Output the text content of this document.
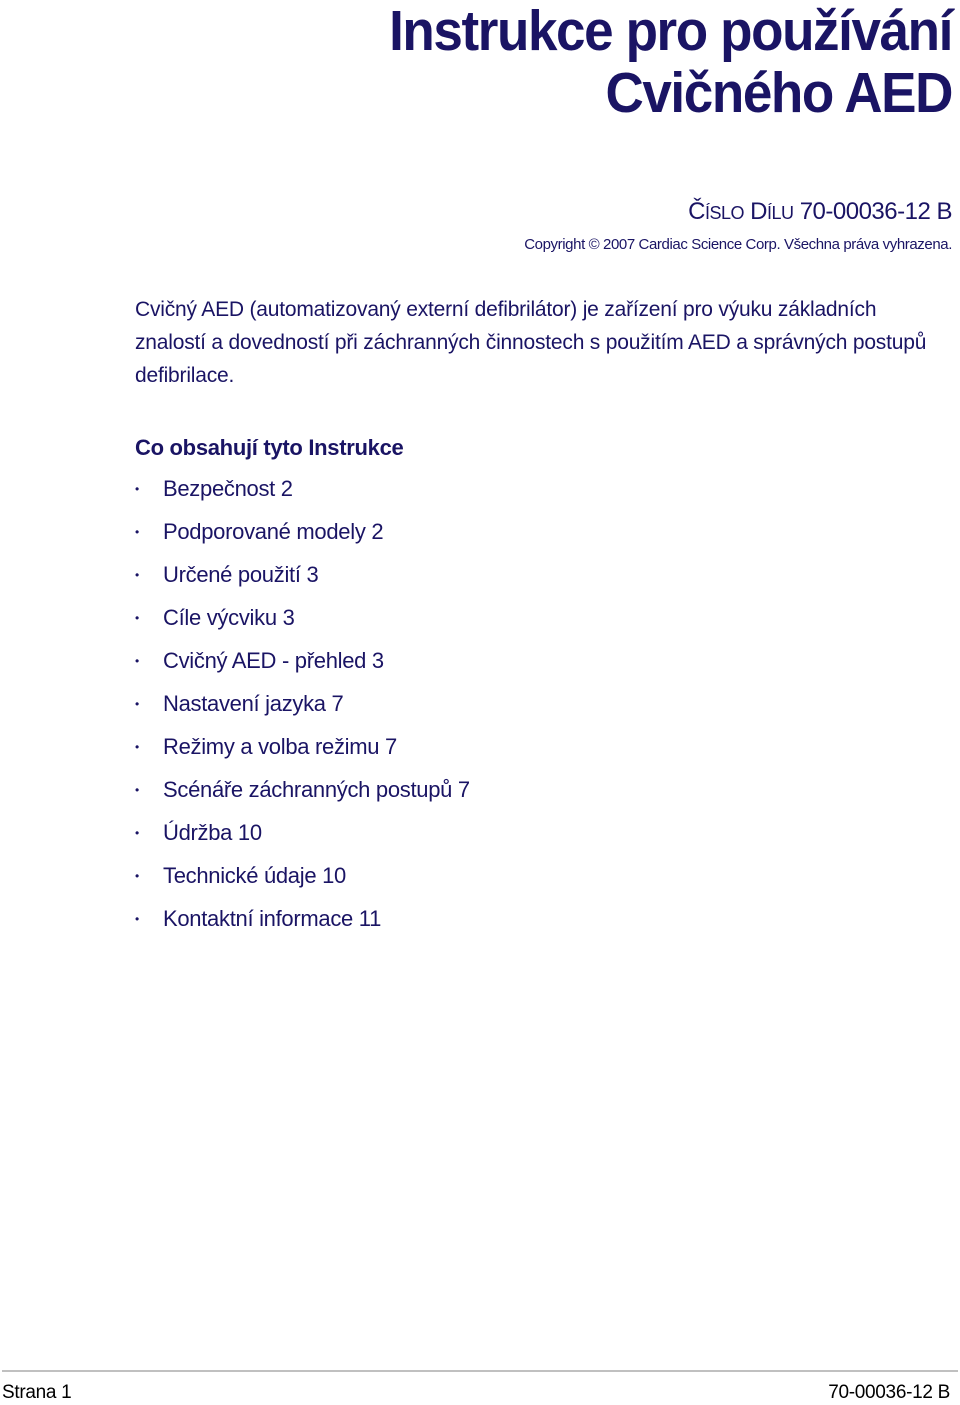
Instrukce pro používání
Cvičného AED
ČÍSLO DÍLU 70-00036-12 B
Copyright © 2007 Cardiac Science Corp. Všechna práva vyhrazena.

Cvičný AED (automatizovaný externí defibrilátor) je zařízení pro výuku základních znalostí a dovedností při záchranných činnostech s použitím AED a správných postupů defibrilace.

Co obsahují tyto Instrukce
• Bezpečnost 2
• Podporované modely 2
• Určené použití 3
• Cíle výcviku 3
• Cvičný AED - přehled 3
• Nastavení jazyka 7
• Režimy a volba režimu 7
• Scénáře záchranných postupů 7
• Údržba 10
• Technické údaje 10
• Kontaktní informace 11
Strana 1	70-00036-12 B
